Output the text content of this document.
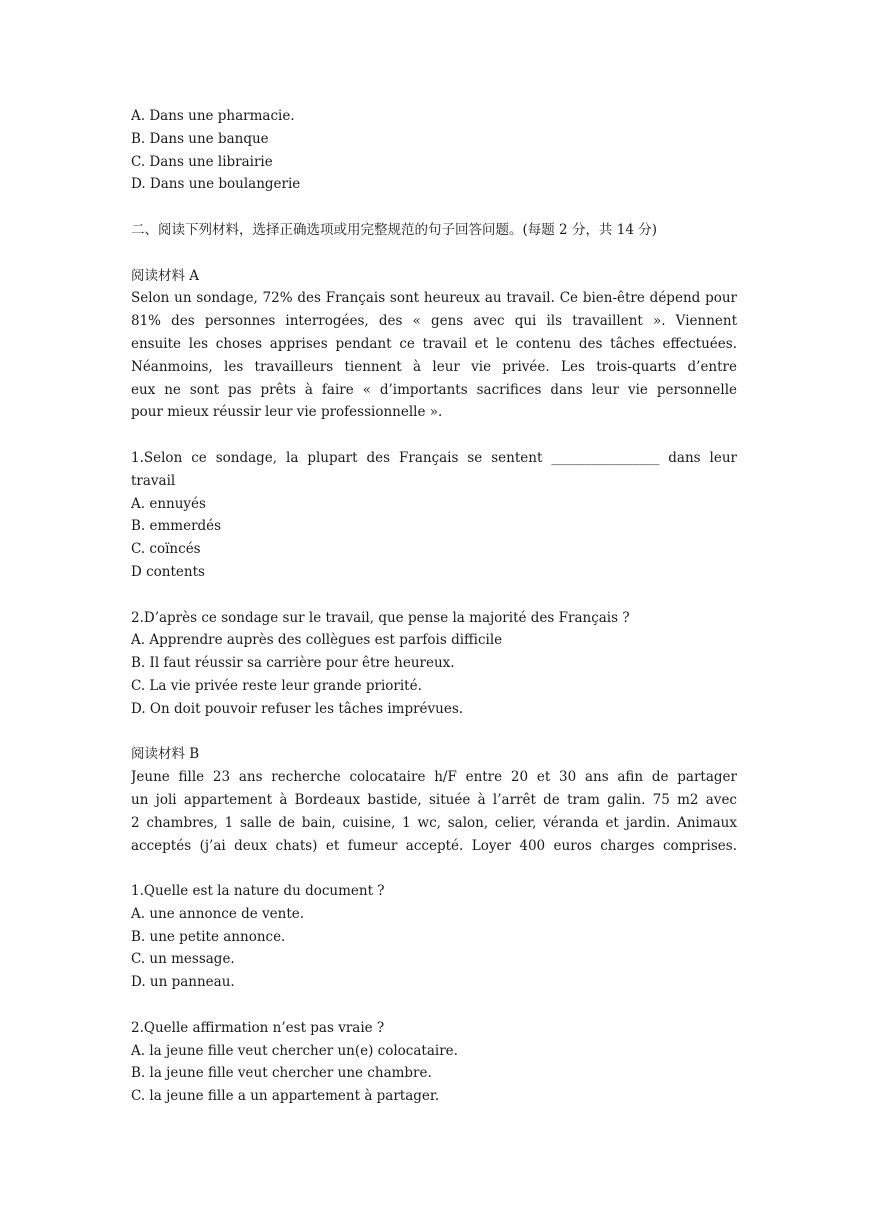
A. Dans une pharmacie.
B. Dans une banque
C. Dans une librairie
D. Dans une boulangerie
二、阅读下列材料，选择正确选项或用完整规范的句子回答问题。(每题 2 分，共 14 分)
阅读材料 A
Selon un sondage, 72% des Français sont heureux au travail. Ce bien-être dépend pour
81% des personnes interrogées, des « gens avec qui ils travaillent ». Viennent
ensuite les choses apprises pendant ce travail et le contenu des tâches effectuées.
Néanmoins, les travailleurs tiennent à leur vie privée. Les trois-quarts d’entre
eux ne sont pas prêts à faire « d’importants sacrifices dans leur vie personnelle
pour mieux réussir leur vie professionnelle ».
1.Selon ce sondage, la plupart des Français se sentent ________________ dans leur
travail
A. ennuyés
B. emmerdés
C. coïncés
D contents
2.D’après ce sondage sur le travail, que pense la majorité des Français ?
A. Apprendre auprès des collègues est parfois difficile
B. Il faut réussir sa carrière pour être heureux.
C. La vie privée reste leur grande priorité.
D. On doit pouvoir refuser les tâches imprévues.
阅读材料 B
Jeune fille 23 ans recherche colocataire h/F entre 20 et 30 ans afin de partager
un joli appartement à Bordeaux bastide, située à l’arrêt de tram galin. 75 m2 avec
2 chambres, 1 salle de bain, cuisine, 1 wc, salon, celier, véranda et jardin. Animaux
acceptés (j’ai deux chats) et fumeur accepté. Loyer 400 euros charges comprises.
1.Quelle est la nature du document ?
A. une annonce de vente.
B. une petite annonce.
C. un message.
D. un panneau.
2.Quelle affirmation n’est pas vraie ?
A. la jeune fille veut chercher un(e) colocataire.
B. la jeune fille veut chercher une chambre.
C. la jeune fille a un appartement à partager.
